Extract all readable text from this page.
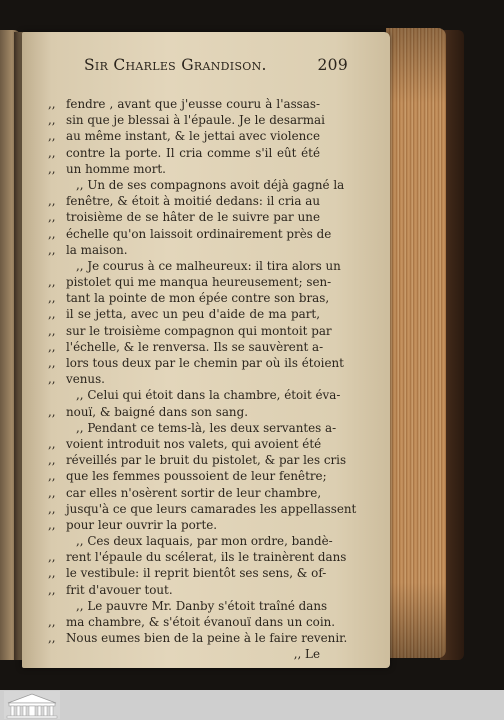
Sir Charles Grandison.	209
,, fendre , avant que j'eusse couru à l'assas-
,, sin que je blessai à l'épaule. Je le desarmai
,, au même instant, & le jettai avec violence
,, contre la porte. Il cria comme s'il eût été
,, un homme mort.
,, Un de ses compagnons avoit déjà gagné la
,, fenêtre, & étoit à moitié dedans: il cria au
,, troisième de se hâter de le suivre par une
,, échelle qu'on laissoit ordinairement près de
,, la maison.
,, Je courus à ce malheureux: il tira alors un
,, pistolet qui me manqua heureusement; sen-
,, tant la pointe de mon épée contre son bras,
,, il se jetta, avec un peu d'aide de ma part,
,, sur le troisième compagnon qui montoit par
,, l'échelle, & le renversa. Ils se sauvèrent a-
,, lors tous deux par le chemin par où ils étoient
,, venus.
,, Celui qui étoit dans la chambre, étoit éva-
,, nouï, & baigné dans son sang.
,, Pendant ce tems-là, les deux servantes a-
,, voient introduit nos valets, qui avoient été
,, réveillés par le bruit du pistolet, & par les cris
,, que les femmes poussoient de leur fenêtre;
,, car elles n'osèrent sortir de leur chambre,
,, jusqu'à ce que leurs camarades les appellassent
,, pour leur ouvrir la porte.
,, Ces deux laquais, par mon ordre, bandè-
,, rent l'épaule du scélerat, ils le trainèrent dans
,, le vestibule: il reprit bientôt ses sens, & of-
,, frit d'avouer tout.
,, Le pauvre Mr. Danby s'étoit traîné dans
,, ma chambre, & s'étoit évanouï dans un coin.
,, Nous eumes bien de la peine à le faire revenir.
,, Le
